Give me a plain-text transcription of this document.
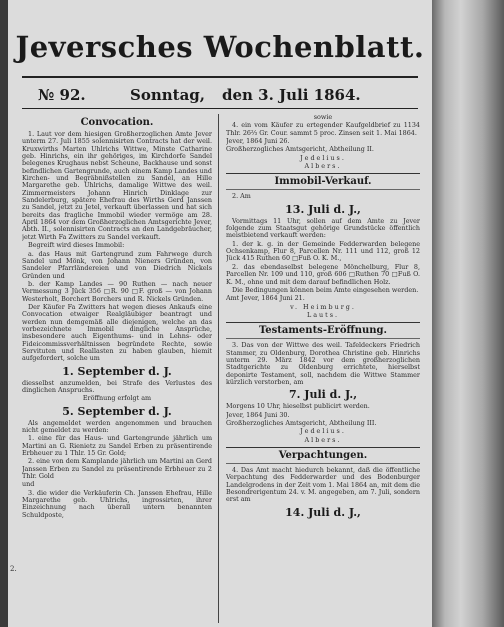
Jeversches Wochenblatt.
№ 92.	Sonntag, den 3. Juli 1864.
Convocation.
1. Laut vor dem hiesigen Großherzoglichen Amte Jever unterm 27. Juli 1855 solennisirten Contracts hat der weil. Kruxwirths Marten Uhlrichs Wittwe, Minste Catharine geb. Hinrichs, ein ihr gehöriges, im Kirchdorfe Sandel belegenes Krughaus nebst Scheune, Backhause und sonst befindlichen Gartengrunde, auch einem Kamp Landes und Kirchen- und Begräbnißstellen zu Sandel, an Hille Margarethe geb. Uhlrichs, damalige Wittwe des weil. Zimmermeisters Johann Hinrich Dinklage zur Sandelerburg, spätere Ehefrau des Wirths Gerd Janssen zu Sandel, jetzt zu Jetel, verkauft überlassen und hat sich bereits das fragliche Immobil wieder vermöge am 28. April 1864 vor dem Großherzoglichen Amtsgerichte Jever, Abth. II., solennisirten Contracts an den Landgebräucher, jetzt Wirth Fa Zwitters zu Sandel verkauft.
Begreift wird dieses Immobil:
a. das Haus mit Gartengrund zum Fahrwege durch Sandel und Mönk, von Johann Nieners Gründen, von Sandeler Pfarrländereien und von Diedrich Nickels Gründen und
b. der Kamp Landes — 90 Ruthen — nach neuer Vermessung 3 Jück 356 □R. 90 □F. groß — von Johann Westerholt, Borchert Borchers und R. Nickels Gründen.
Der Käufer Fa Zwitters hat wegen dieses Ankaufs eine Convocation etwaiger Realgläubiger beantragt und werden nun demgemäß alle diejenigen, welche an das vorbezeichnete Immobil dingliche Ansprüche, insbesondere auch Eigenthums- und in Lehns- oder Fideicommissverhältnissen begründete Rechte, sowie Servituten und Reallasten zu haben glauben, hiemit aufgefordert, solche um
1. September d. J.
diesselbst anzumelden, bei Strafe des Verlustes des dinglichen Anspruchs.
Eröffnung erfolgt am
5. September d. J.
Als angemeldet werden angenommen und brauchen nicht gemeldet zu werden:
1. eine für das Haus- und Gartengrunde jährlich um Martini an G. Rienietz zu Sandel Erben zu präsentirende Erbheuer zu 1 Thlr. 15 Gr. Gold;
2. eine von dem Kamplande jährlich um Martini an Gerd Janssen Erben zu Sandel zu präsentirende Erbheuer zu 2 Thlr. Gold
und
3. die wider die Verkäuferin Ch. Janssen Ehefrau, Hille Margarethe geb. Uhlrichs, ingrossirten, ihrer Einzeichnung nach überall untern benannten Schuldposte,
sowie
4. ein vom Käufer zu ertegender Kaufgeldbrief zu 1134 Thlr. 26⅔ Gr. Cour. sammt 5 proc. Zinsen seit 1. Mai 1864.
Jever, 1864 Juni 26.
Großherzogliches Amtsgericht, Abtheilung II.
Jedelius.
Albers.
Immobil-Verkauf.
2. Am
13. Juli d. J.,
Vormittags 11 Uhr, sollen auf dem Amte zu Jever folgende zum Staatsgut gehörige Grundstücke öffentlich meistbietend verkauft werden:
1. der k. g. in der Gemeinde Fedderwarden belegene Ochsenkamp, Flur 8, Parcellen Nr. 111 und 112, groß 12 Jück 415 Ruthen 60 □Fuß O. K. M.,
2. das ebendaselbst belegene Mönchelburg, Flur 8, Parcellen Nr. 109 und 110, groß 606 □Ruthen 70 □Fuß O. K. M., ohne und mit dem darauf befindlichen Holz.
Die Bedingungen können beim Amte eingesehen werden.
Amt Jever, 1864 Juni 21.
v. Heimburg.
Lauts.
Testaments-Eröffnung.
3. Das von der Wittwe des weil. Tafeldeckers Friedrich Stammer, zu Oldenburg, Dorothea Christine geb. Hinrichs unterm 29. März 1842 vor dem großherzoglichen Stadtgerichte zu Oldenburg errichtete, hierselbst deponirte Testament, soll, nachdem die Wittwe Stammer kürzlich verstorben, am
7. Juli d. J.,
Morgens 10 Uhr, hieselbst publicirt werden.
Jever, 1864 Juni 30.
Großherzogliches Amtsgericht, Abtheilung III.
Jedelius.
Albers.
Verpachtungen.
4. Das Amt macht hiedurch bekannt, daß die öffentliche Verpachtung des Fedderwarder und des Bodenburger Landelgrodens in der Zeit vom 1. Mai 1864 an, mit dem die Besondrerigentum 24. v. M. angegeben, am 7. Juli, sondern erst am
14. Juli d. J.,
2.
